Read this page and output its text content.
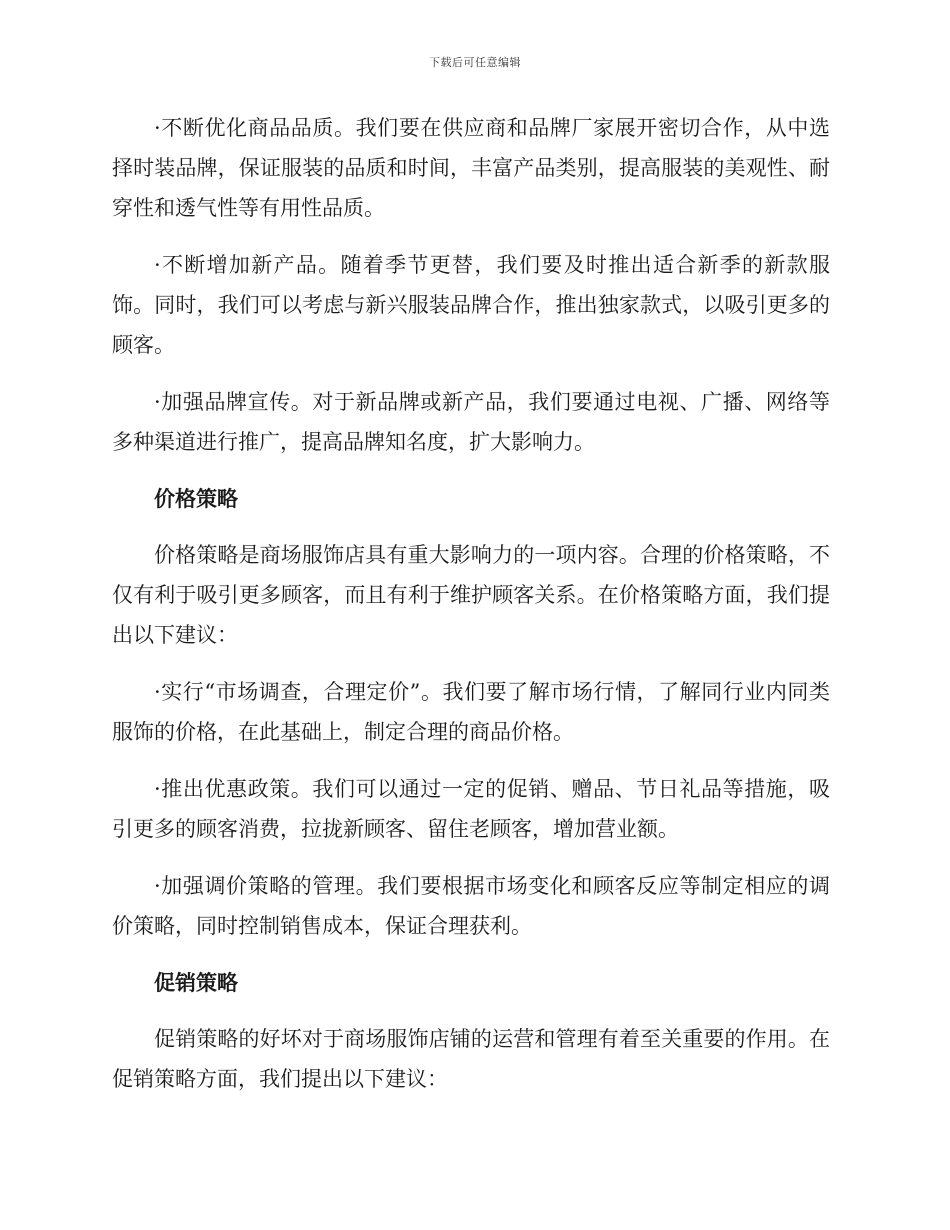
下载后可任意编辑

·不断优化商品品质。我们要在供应商和品牌厂家展开密切合作，从中选择时装品牌，保证服装的品质和时间，丰富产品类别，提高服装的美观性、耐穿性和透气性等有用性品质。

·不断增加新产品。随着季节更替，我们要及时推出适合新季的新款服饰。同时，我们可以考虑与新兴服装品牌合作，推出独家款式，以吸引更多的顾客。

·加强品牌宣传。对于新品牌或新产品，我们要通过电视、广播、网络等多种渠道进行推广，提高品牌知名度，扩大影响力。

价格策略

价格策略是商场服饰店具有重大影响力的一项内容。合理的价格策略，不仅有利于吸引更多顾客，而且有利于维护顾客关系。在价格策略方面，我们提出以下建议：

·实行“市场调查，合理定价”。我们要了解市场行情，了解同行业内同类服饰的价格，在此基础上，制定合理的商品价格。

·推出优惠政策。我们可以通过一定的促销、赠品、节日礼品等措施，吸引更多的顾客消费，拉拢新顾客、留住老顾客，增加营业额。

·加强调价策略的管理。我们要根据市场变化和顾客反应等制定相应的调价策略，同时控制销售成本，保证合理获利。

促销策略

促销策略的好坏对于商场服饰店铺的运营和管理有着至关重要的作用。在促销策略方面，我们提出以下建议：
